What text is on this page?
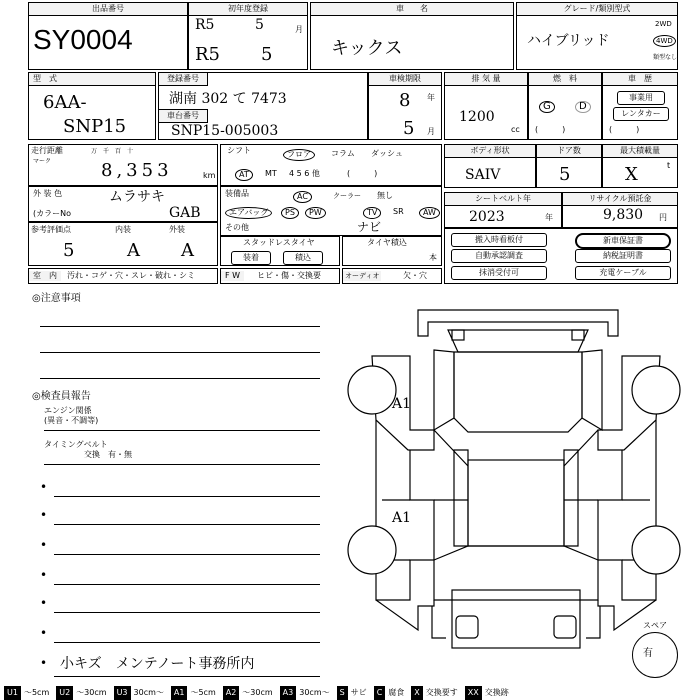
出品番号
SY0004
初年度登録
R5	5
R5 5
月
車　　名
キックス
グレード/類別型式
ハイブリッド
2WD
4WD
類型なし
型　式
6AA-
SNP15
登録番号
湖南 302 て 7473
車台番号
SNP15-005003
車検期限
8 年
5 月
排 気 量
1200
cc
燃　料
G	D
(　　　)
車　歴
事業用
レンタカー
(　　　)
走行距離
マーク
万　千　百　十
8,353	km
シフト	フロア	コラム ダッシュ
AT	MT 4 5 6 他	(　　　)
ボディ形状
SAIV
ドア数
5
最大積載量
X	t
外 装 色	ムラサキ
(カラーNo	GAB
装備品	AC	クーラー 無し
エアバッグ	PS	PW	TV	SR	AW
その他	ナビ
シートベルト年
2023	年
リサイクル預託金
9,830 円
参考評価点
5
内装
A
外装
A	スタッドレスタイヤ
装着	積込
タイヤ積込
本
搬入時看板付
自動承認調査
抹消受付可
新車保証書
納税証明書
充電ケーブル
室　内	汚れ・コゲ・穴・スレ・破れ・シミ	F W	ヒビ・傷・交換要	オーディオ	欠・穴
◎注意事項
◎検査員報告
エンジン関係
(異音・不調等)
タイミングベルト
交換　有・無
•
•
•
•
•
•
• 小キズ　メンテノート事務所内
A1
A1
スペア
有
U1 〜5cm	U2 〜30cm	U3 30cm〜	A1 〜5cm	A2 〜30cm	A3 30cm〜	S サビ	C 腐食	X 交換要す	XX 交換跡
